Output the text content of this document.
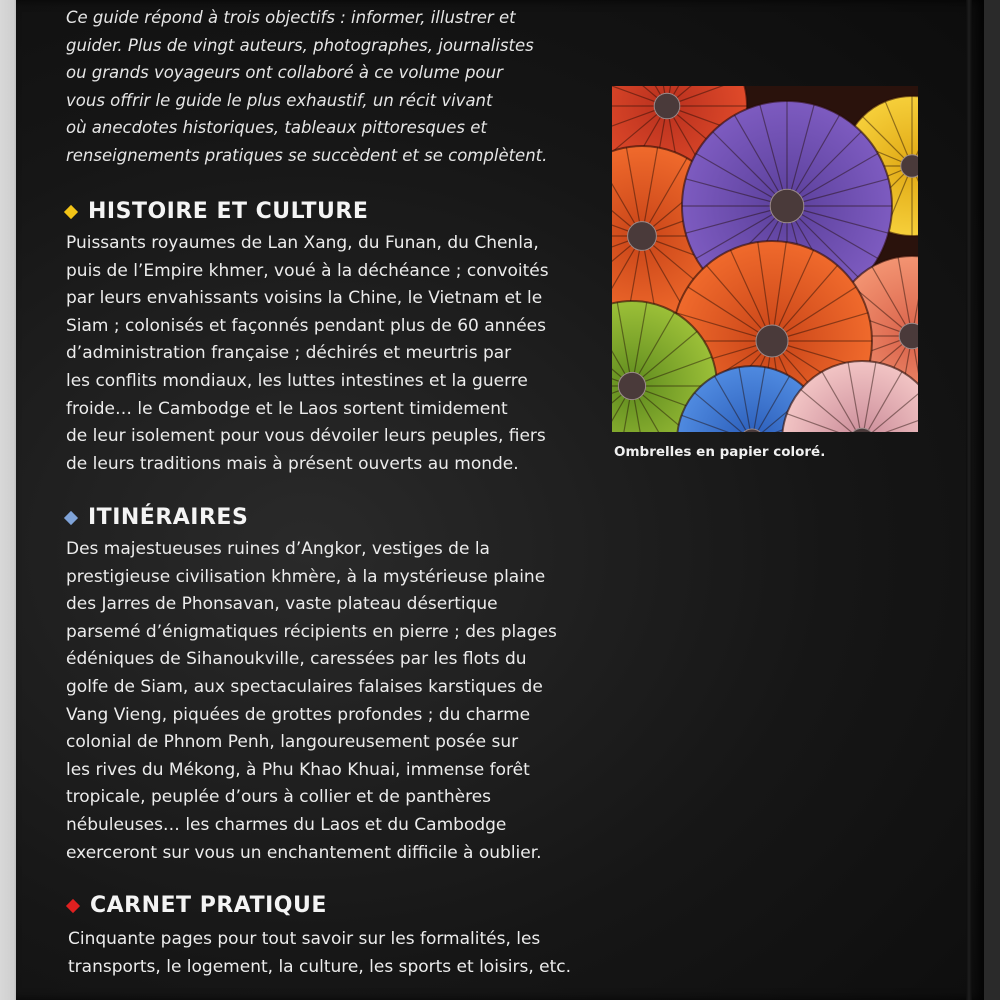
Ce guide répond à trois objectifs : informer, illustrer et
guider. Plus de vingt auteurs, photographes, journalistes
ou grands voyageurs ont collaboré à ce volume pour
vous offrir le guide le plus exhaustif, un récit vivant
où anecdotes historiques, tableaux pittoresques et
renseignements pratiques se succèdent et se complètent.
HISTOIRE ET CULTURE
Puissants royaumes de Lan Xang, du Funan, du Chenla,
puis de l’Empire khmer, voué à la déchéance ; convoités
par leurs envahissants voisins la Chine, le Vietnam et le
Siam ; colonisés et façonnés pendant plus de 60 années
d’administration française ; déchirés et meurtris par
les conflits mondiaux, les luttes intestines et la guerre
froide… le Cambodge et le Laos sortent timidement
de leur isolement pour vous dévoiler leurs peuples, fiers
de leurs traditions mais à présent ouverts au monde.
ITINÉRAIRES
Des majestueuses ruines d’Angkor, vestiges de la
prestigieuse civilisation khmère, à la mystérieuse plaine
des Jarres de Phonsavan, vaste plateau désertique
parsemé d’énigmatiques récipients en pierre ; des plages
édéniques de Sihanoukville, caressées par les flots du
golfe de Siam, aux spectaculaires falaises karstiques de
Vang Vieng, piquées de grottes profondes ; du charme
colonial de Phnom Penh, langoureusement posée sur
les rives du Mékong, à Phu Khao Khuai, immense forêt
tropicale, peuplée d’ours à collier et de panthères
nébuleuses… les charmes du Laos et du Cambodge
exerceront sur vous un enchantement difficile à oublier.
CARNET PRATIQUE
Cinquante pages pour tout savoir sur les formalités, les
transports, le logement, la culture, les sports et loisirs, etc.
Ombrelles en papier coloré.
